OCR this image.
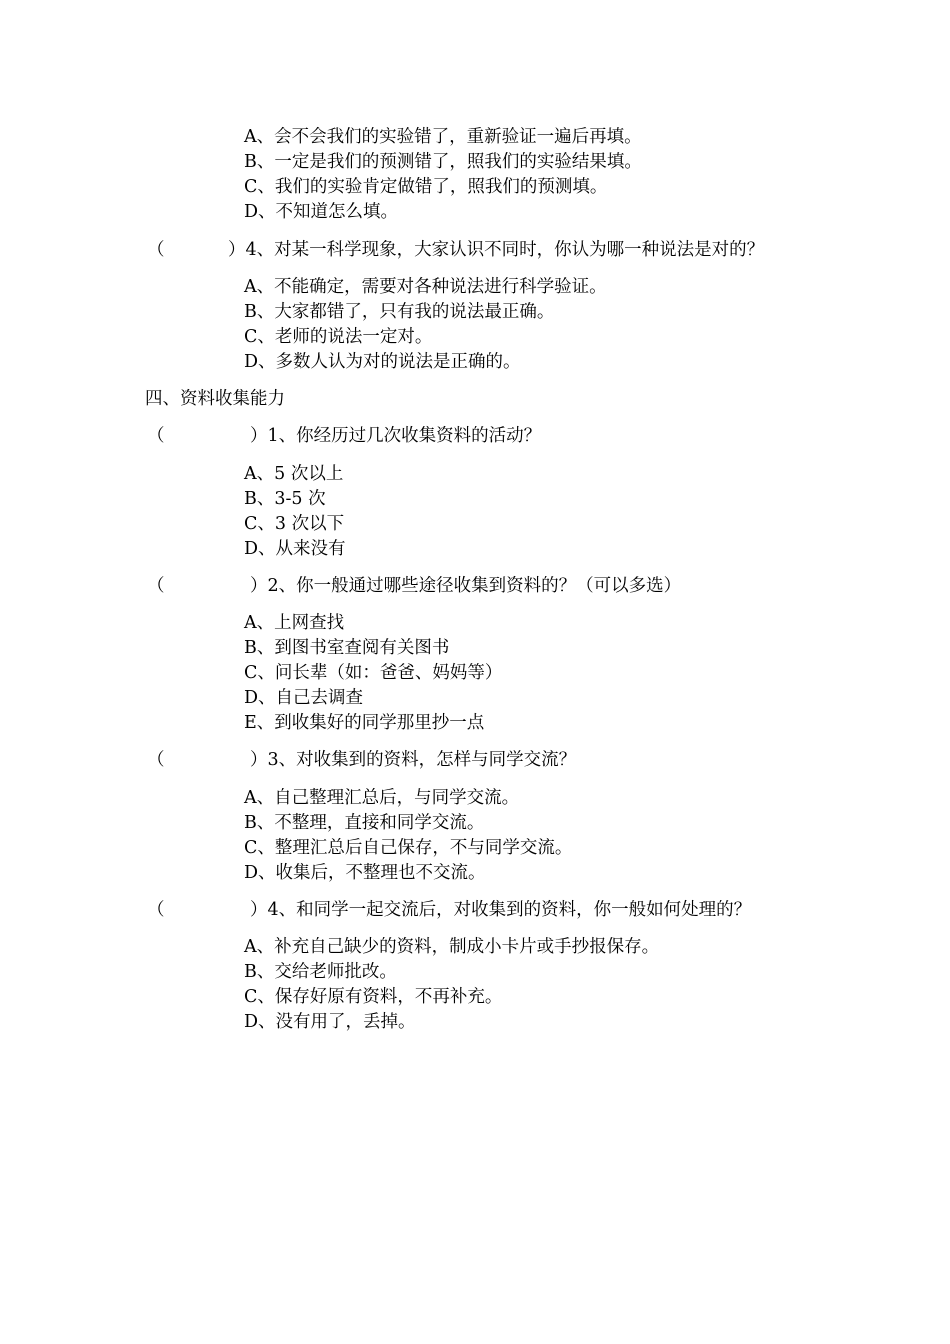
A、会不会我们的实验错了，重新验证一遍后再填。
B、一定是我们的预测错了，照我们的实验结果填。
C、我们的实验肯定做错了，照我们的预测填。
D、不知道怎么填。
（	）4、对某一科学现象，大家认识不同时，你认为哪一种说法是对的？
A、不能确定，需要对各种说法进行科学验证。
B、大家都错了，只有我的说法最正确。
C、老师的说法一定对。
D、多数人认为对的说法是正确的。
四、资料收集能力
（	）1、你经历过几次收集资料的活动？
A、5 次以上
B、3-5 次
C、3 次以下
D、从来没有
（	）2、你一般通过哪些途径收集到资料的？（可以多选）
A、上网查找
B、到图书室查阅有关图书
C、问长辈（如：爸爸、妈妈等）
D、自己去调查
E、到收集好的同学那里抄一点
（	）3、对收集到的资料，怎样与同学交流？
A、自己整理汇总后，与同学交流。
B、不整理，直接和同学交流。
C、整理汇总后自己保存，不与同学交流。
D、收集后，不整理也不交流。
（	）4、和同学一起交流后，对收集到的资料，你一般如何处理的？
A、补充自己缺少的资料，制成小卡片或手抄报保存。
B、交给老师批改。
C、保存好原有资料，不再补充。
D、没有用了，丢掉。
